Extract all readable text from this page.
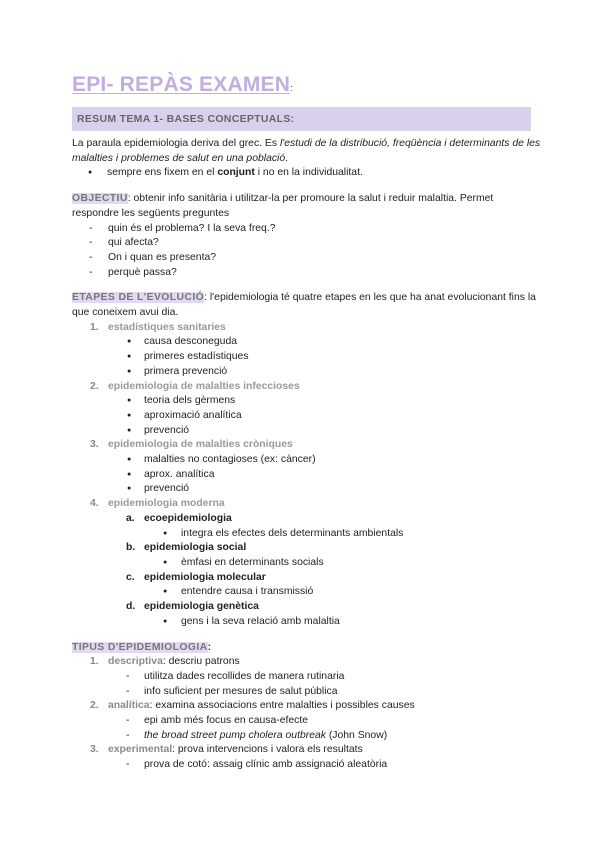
EPI- REPÀS EXAMEN:
RESUM TEMA 1- BASES CONCEPTUALS:

La paraula epidemiologia deriva del grec. Es l'estudi de la distribució, freqüència i determinants de les malalties i problemes de salut en una població.

● sempre ens fixem en el conjunt i no en la individualitat.

OBJECTIU: obtenir info sanitària i utilitzar-la per promoure la salut i reduir malaltia. Permet respondre les següents preguntes

- quin és el problema? I la seva freq.?
- qui afecta?
- On i quan es presenta?
- perquè passa?

ETAPES DE L'EVOLUCIÓ: l'epidemiologia té quatre etapes en les que ha anat evolucionant fins la que coneixem avui dia.

1. estadístiques sanitaries
● causa desconeguda
● primeres estadístiques
● primera prevenció
2. epidemiologia de malalties infeccioses
● teoria dels gèrmens
● aproximació analítica
● prevenció
3. epidemiologia de malalties cròniques
● malalties no contagioses (ex: càncer)
● aprox. analítica
● prevenció
4. epidemiologia moderna
a. ecoepidemiologia
● integra els efectes dels determinants ambientals
b. epidemiologia social
● èmfasi en determinants socials
c. epidemiologia molecular
● entendre causa i transmissió
d. epidemiologia genètica
● gens i la seva relació amb malaltia

TIPUS D'EPIDEMIOLOGIA:

1. descriptiva: descriu patrons
- utilitza dades recollides de manera rutinaria
- info suficient per mesures de salut pública
2. analítica: examina associacions entre malalties i possibles causes
- epi amb més focus en causa-efecte
- the broad street pump cholera outbreak (John Snow)
3. experimental: prova intervencions i valora els resultats
- prova de cotó: assaig clínic amb assignació aleatòria
